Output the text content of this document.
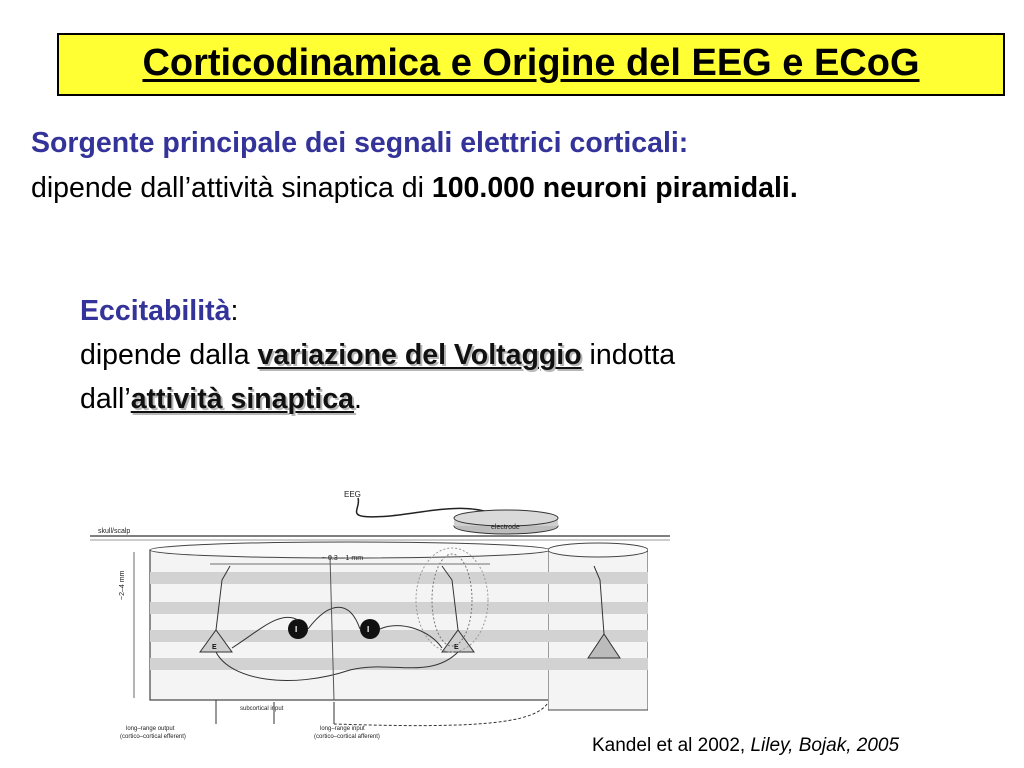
Corticodinamica e Origine del EEG e ECoG
Sorgente principale dei segnali elettrici corticali:
dipende dall’attività sinaptica di 100.000 neuroni piramidali.
Eccitabilità:
dipende dalla variazione del Voltaggio indotta
dall’attività sinaptica.
EEG
electrode
skull/scalp
~ 0.3 – 1 mm
~2–4 mm
E	E
I	I
subcortical input
long–range output
(cortico–cortical efferent)
long–range input
(cortico–cortical afferent)	Kandel et al 2002, Liley, Bojak, 2005
